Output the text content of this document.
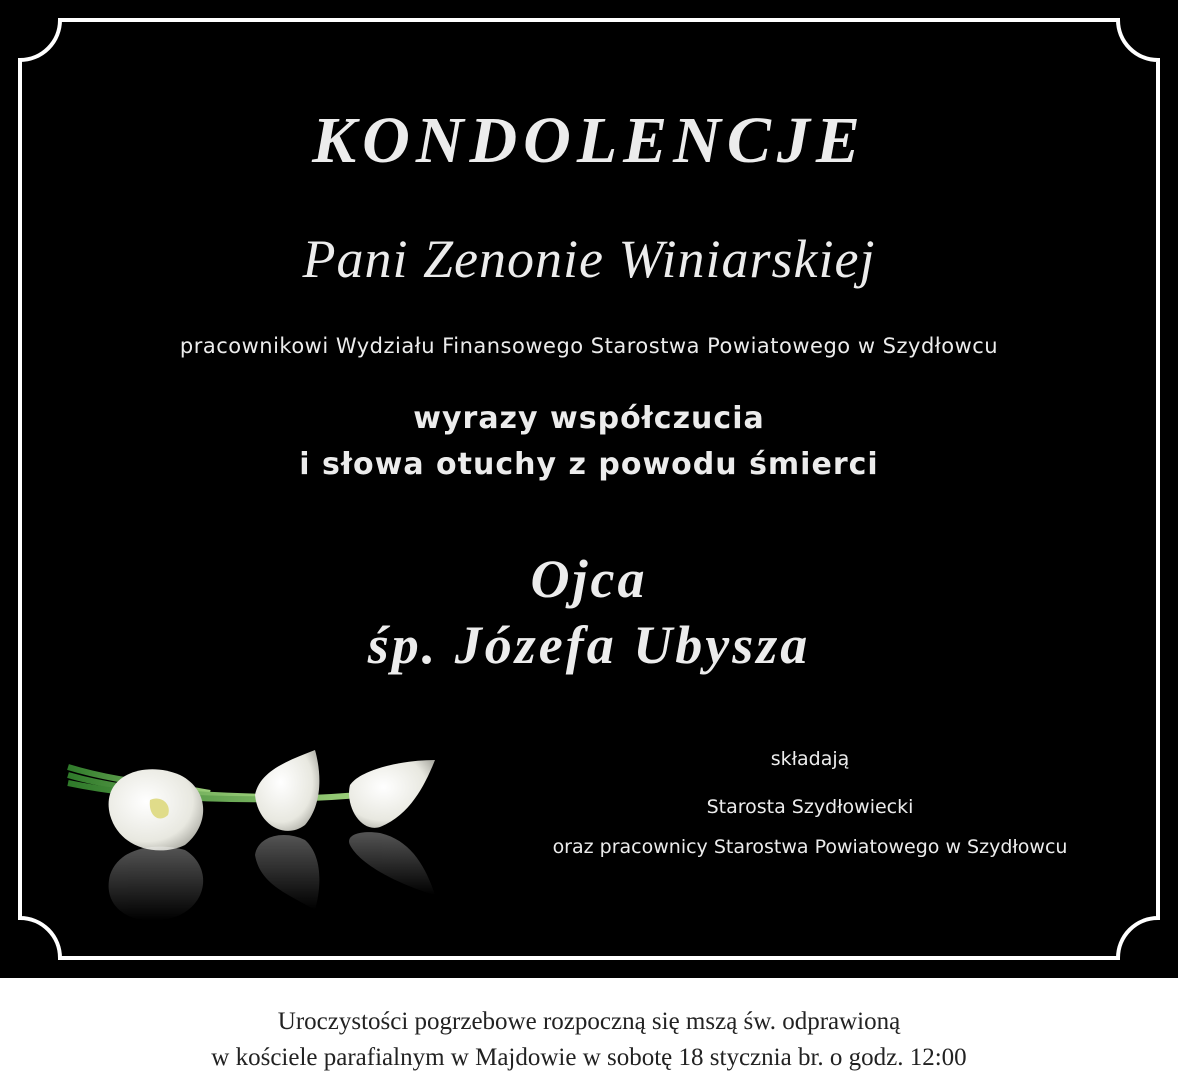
KONDOLENCJE
Pani Zenonie Winiarskiej
pracownikowi Wydziału Finansowego Starostwa Powiatowego w Szydłowcu
wyrazy współczucia
i słowa otuchy z powodu śmierci
Ojca
śp. Józefa Ubysza
składają
Starosta Szydłowiecki
oraz pracownicy Starostwa Powiatowego w Szydłowcu
Uroczystości pogrzebowe rozpoczną się mszą św. odprawioną
w kościele parafialnym w Majdowie w sobotę 18 stycznia br. o godz. 12:00
